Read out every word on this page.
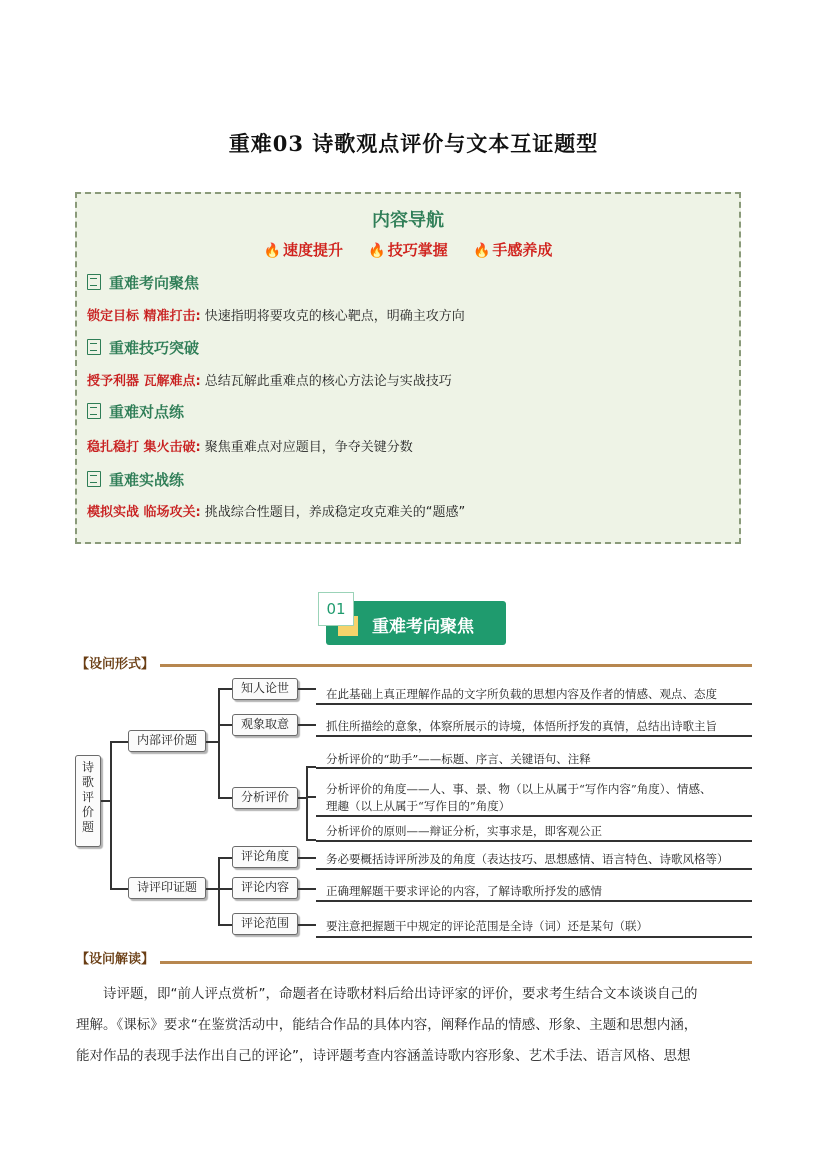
重难03 诗歌观点评价与文本互证题型
内容导航
🔥 速度提升 🔥 技巧掌握 🔥 手感养成
重难考向聚焦
锁定目标 精准打击: 快速指明将要攻克的核心靶点，明确主攻方向
重难技巧突破
授予利器 瓦解难点: 总结瓦解此重难点的核心方法论与实战技巧
重难对点练
稳扎稳打 集火击破: 聚焦重难点对应题目，争夺关键分数
重难实战练
模拟实战 临场攻关: 挑战综合性题目，养成稳定攻克难关的“题感”
01
重难考向聚焦
【设问形式】
诗歌评价题
内部评价题
知人论世
观象取意
分析评价
在此基础上真正理解作品的文字所负载的思想内容及作者的情感、观点、态度
抓住所描绘的意象，体察所展示的诗境，体悟所抒发的真情，总结出诗歌主旨
分析评价的“助手”——标题、序言、关键语句、注释
分析评价的角度——人、事、景、物（以上从属于“写作内容”角度）、情感、
理趣（以上从属于“写作目的”角度）
分析评价的原则——辩证分析，实事求是，即客观公正
诗评印证题
评论角度
评论内容
评论范围
务必要概括诗评所涉及的角度（表达技巧、思想感情、语言特色、诗歌风格等）
正确理解题干要求评论的内容，了解诗歌所抒发的感情
要注意把握题干中规定的评论范围是全诗（词）还是某句（联）
【设问解读】
诗评题，即“前人评点赏析”，命题者在诗歌材料后给出诗评家的评价，要求考生结合文本谈谈自己的
理解。《课标》要求“在鉴赏活动中，能结合作品的具体内容，阐释作品的情感、形象、主题和思想内涵，
能对作品的表现手法作出自己的评论”，诗评题考查内容涵盖诗歌内容形象、艺术手法、语言风格、思想
